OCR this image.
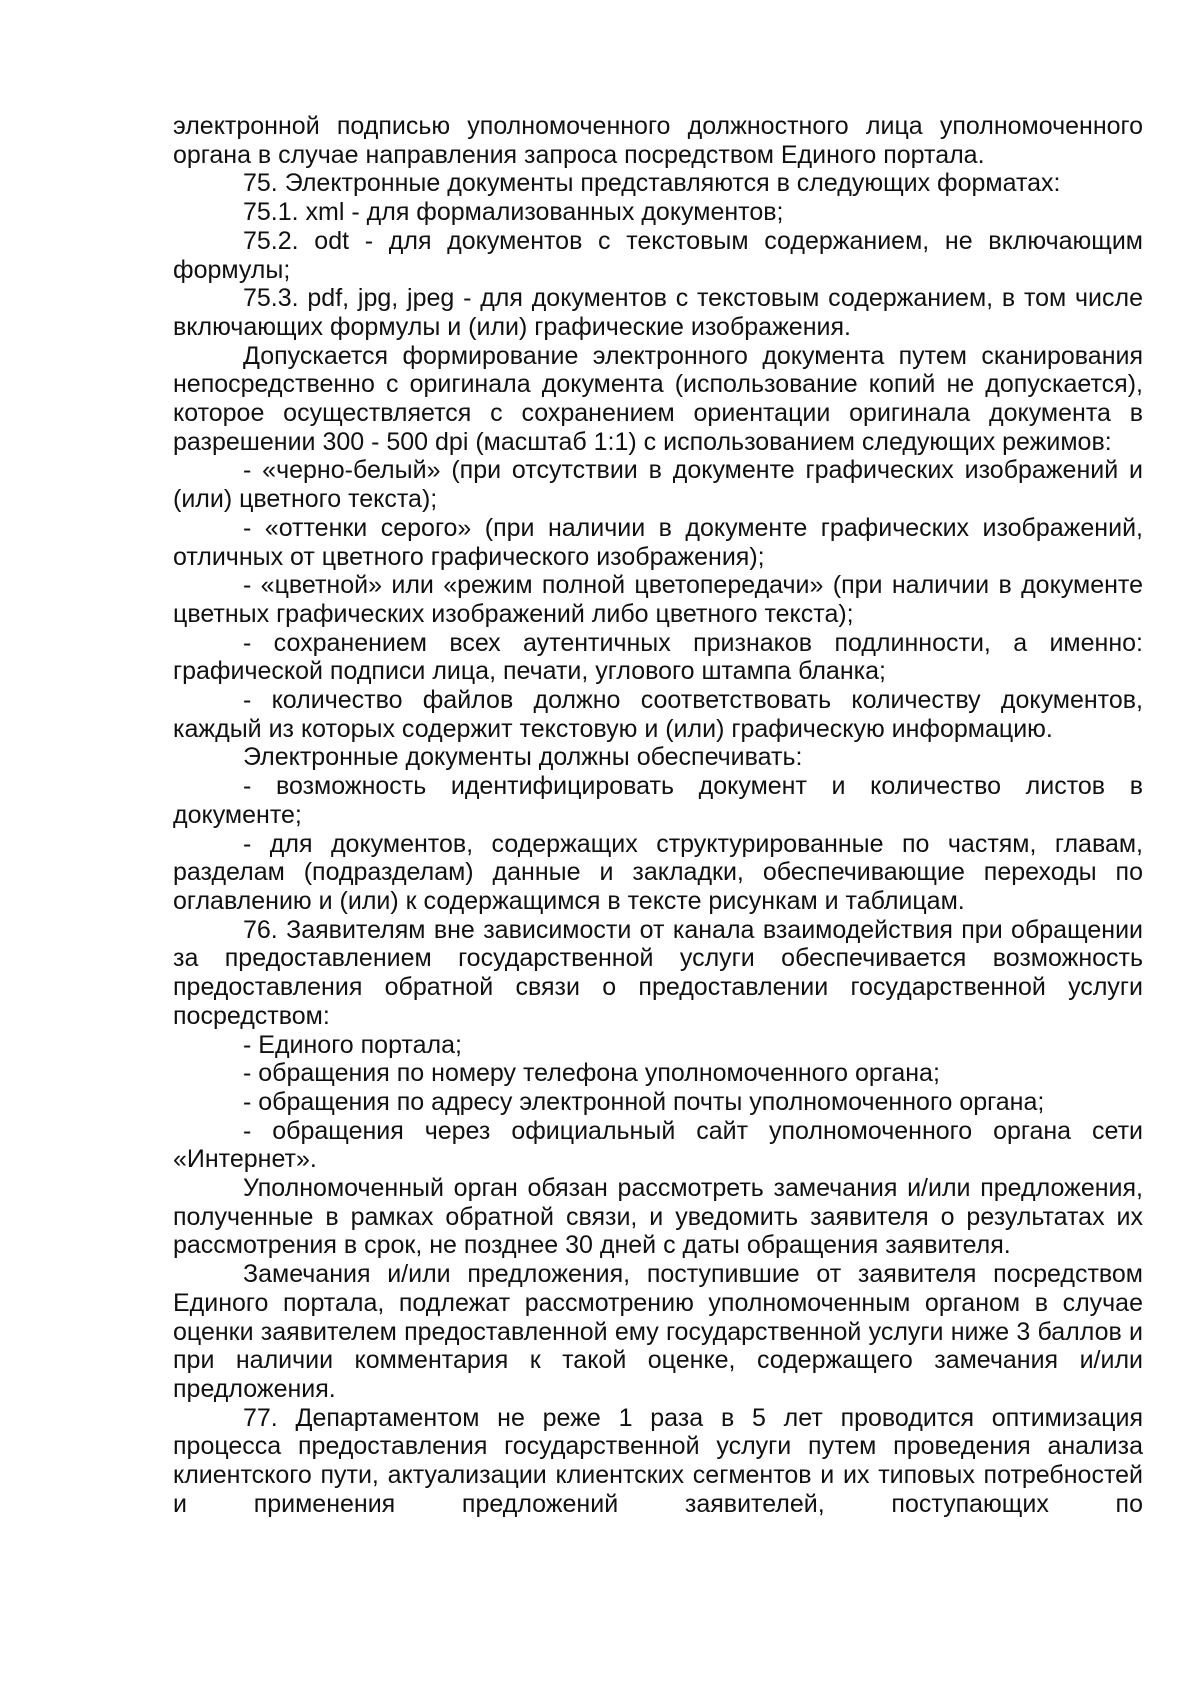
электронной подписью уполномоченного должностного лица уполномоченного органа в случае направления запроса посредством Единого портала.

75. Электронные документы представляются в следующих форматах:

75.1. xml - для формализованных документов;

75.2. odt - для документов с текстовым содержанием, не включающим формулы;

75.3. pdf, jpg, jpeg - для документов с текстовым содержанием, в том числе включающих формулы и (или) графические изображения.

Допускается формирование электронного документа путем сканирования непосредственно с оригинала документа (использование копий не допускается), которое осуществляется с сохранением ориентации оригинала документа в разрешении 300 - 500 dpi (масштаб 1:1) с использованием следующих режимов:

- «черно-белый» (при отсутствии в документе графических изображений и (или) цветного текста);

- «оттенки серого» (при наличии в документе графических изображений, отличных от цветного графического изображения);

- «цветной» или «режим полной цветопередачи» (при наличии в документе цветных графических изображений либо цветного текста);

- сохранением всех аутентичных признаков подлинности, а именно: графической подписи лица, печати, углового штампа бланка;

- количество файлов должно соответствовать количеству документов, каждый из которых содержит текстовую и (или) графическую информацию.

Электронные документы должны обеспечивать:

- возможность идентифицировать документ и количество листов в документе;

- для документов, содержащих структурированные по частям, главам, разделам (подразделам) данные и закладки, обеспечивающие переходы по оглавлению и (или) к содержащимся в тексте рисункам и таблицам.

76. Заявителям вне зависимости от канала взаимодействия при обращении за предоставлением государственной услуги обеспечивается возможность предоставления обратной связи о предоставлении государственной услуги посредством:

- Единого портала;

- обращения по номеру телефона уполномоченного органа;

- обращения по адресу электронной почты уполномоченного органа;

- обращения через официальный сайт уполномоченного органа сети «Интернет».

Уполномоченный орган обязан рассмотреть замечания и/или предложения, полученные в рамках обратной связи, и уведомить заявителя о результатах их рассмотрения в срок, не позднее 30 дней с даты обращения заявителя.

Замечания и/или предложения, поступившие от заявителя посредством Единого портала, подлежат рассмотрению уполномоченным органом в случае оценки заявителем предоставленной ему государственной услуги ниже 3 баллов и при наличии комментария к такой оценке, содержащего замечания и/или предложения.

77. Департаментом не реже 1 раза в 5 лет проводится оптимизация процесса предоставления государственной услуги путем проведения анализа клиентского пути, актуализации клиентских сегментов и их типовых потребностей и применения предложений заявителей, поступающих по
